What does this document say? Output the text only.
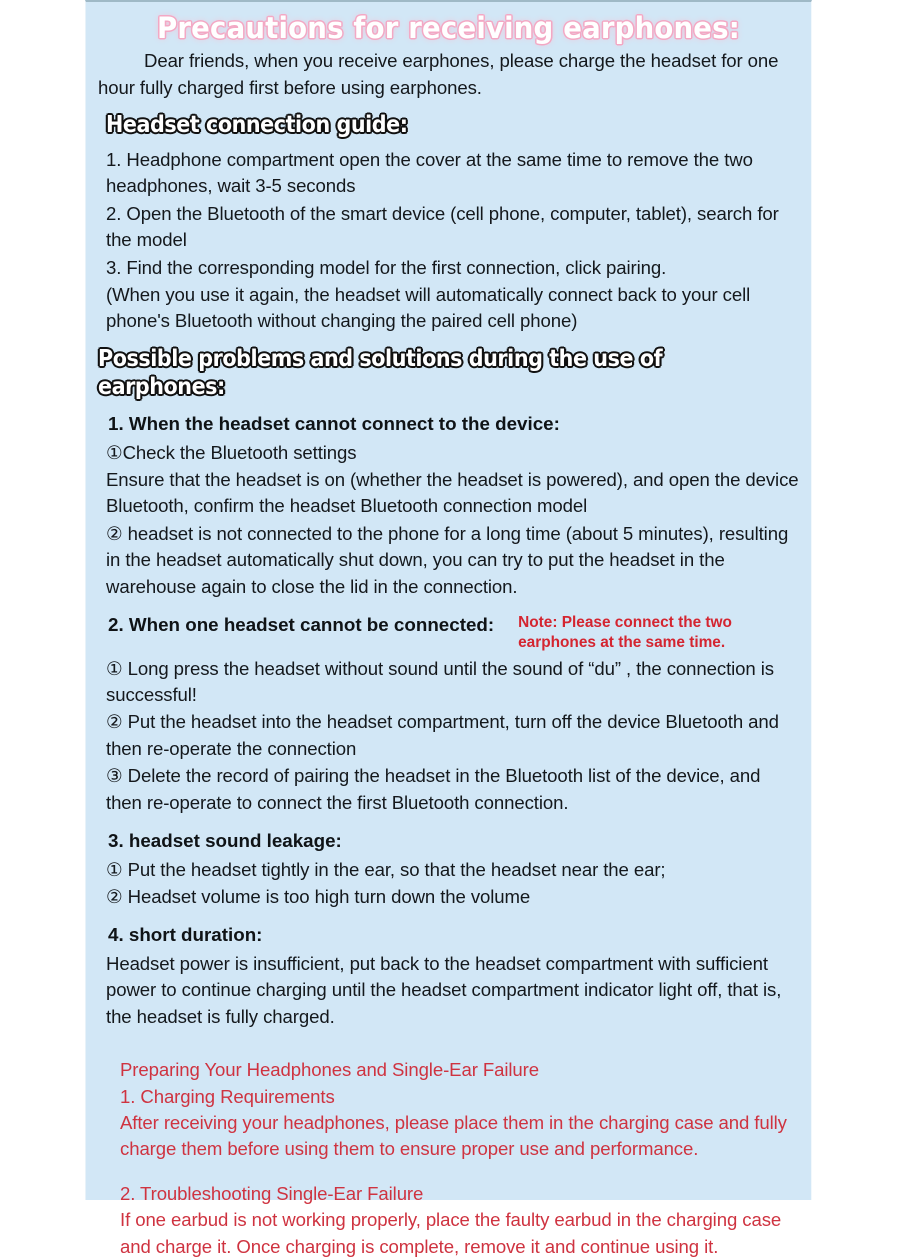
Precautions for receiving earphones:

Dear friends, when you receive earphones, please charge the headset for one hour fully charged first before using earphones.

Headset connection guide:
1. Headphone compartment open the cover at the same time to remove the two headphones, wait 3-5 seconds
2. Open the Bluetooth of the smart device (cell phone, computer, tablet), search for the model
3. Find the corresponding model for the first connection, click pairing.
(When you use it again, the headset will automatically connect back to your cell phone's Bluetooth without changing the paired cell phone)
Possible problems and solutions during the use of earphones:
1. When the headset cannot connect to the device:
①Check the Bluetooth settings
Ensure that the headset is on (whether the headset is powered), and open the device Bluetooth, confirm the headset Bluetooth connection model
② headset is not connected to the phone for a long time (about 5 minutes), resulting in the headset automatically shut down, you can try to put the headset in the warehouse again to close the lid in the connection.
2. When one headset cannot be connected: Note: Please connect the two earphones at the same time.
① Long press the headset without sound until the sound of “du” , the connection is successful!
② Put the headset into the headset compartment, turn off the device Bluetooth and then re-operate the connection
③ Delete the record of pairing the headset in the Bluetooth list of the device, and then re-operate to connect the first Bluetooth connection.
3. headset sound leakage:
① Put the headset tightly in the ear, so that the headset near the ear;
② Headset volume is too high turn down the volume
4. short duration:
Headset power is insufficient, put back to the headset compartment with sufficient power to continue charging until the headset compartment indicator light off, that is, the headset is fully charged.
Preparing Your Headphones and Single-Ear Failure
1. Charging Requirements
After receiving your headphones, please place them in the charging case and fully charge them before using them to ensure proper use and performance.
2. Troubleshooting Single-Ear Failure
If one earbud is not working properly, place the faulty earbud in the charging case and charge it. Once charging is complete, remove it and continue using it.
